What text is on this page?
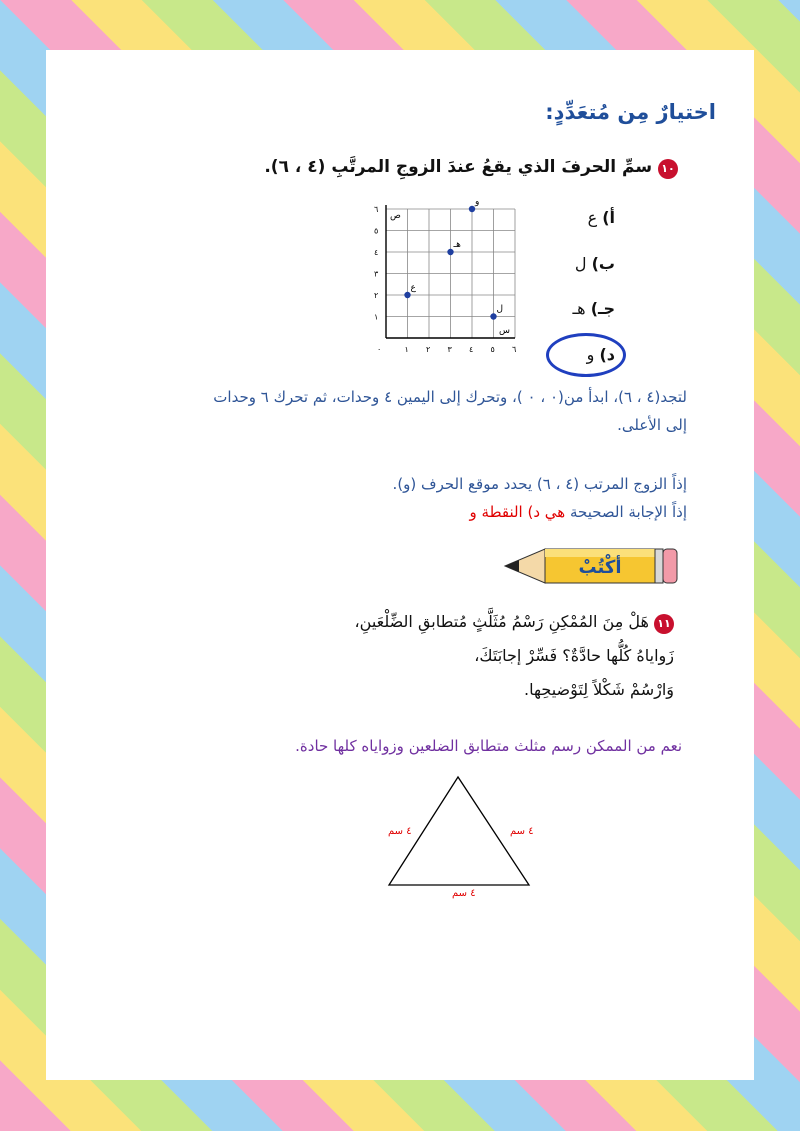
اختيارٌ مِن مُتعَدِّدٍ:
١٠ سمِّ الحرفَ الذي يقعُ عندَ الزوجِ المرتَّبِ (٤ ، ٦).
أ) ع
ب) ل
جـ) هـ
د) و
٠	١ ٢ ٣ ٤ ٥ ٦
١
٢
٣
٤
٥
٦
س
ص
ع
هـ
و
ل
لتجد(٤ ، ٦)، ابدأ من(٠ ، ٠ )، وتحرك إلى اليمين ٤ وحدات، ثم تحرك ٦ وحدات
إلى الأعلى.
إذاً الزوج المرتب (٤ ، ٦) يحدد موقع الحرف (و).
إذاً الإجابة الصحيحة هي د) النقطة و
أكْتُبْ
١١ هَلْ مِنَ المُمْكِنِ رَسْمُ مُثَلَّثٍ مُتطابقِ الضِّلْعَينِ،
زَواياهُ كُلُّها حادَّةٌ؟ فَسِّرْ إجابَتَكَ،
وَارْسُمْ شَكْلاً لِتَوْضيحِها.
نعم من الممكن رسم مثلث متطابق الضلعين وزواياه كلها حادة.
٤ سم	٤ سم
٤ سم
